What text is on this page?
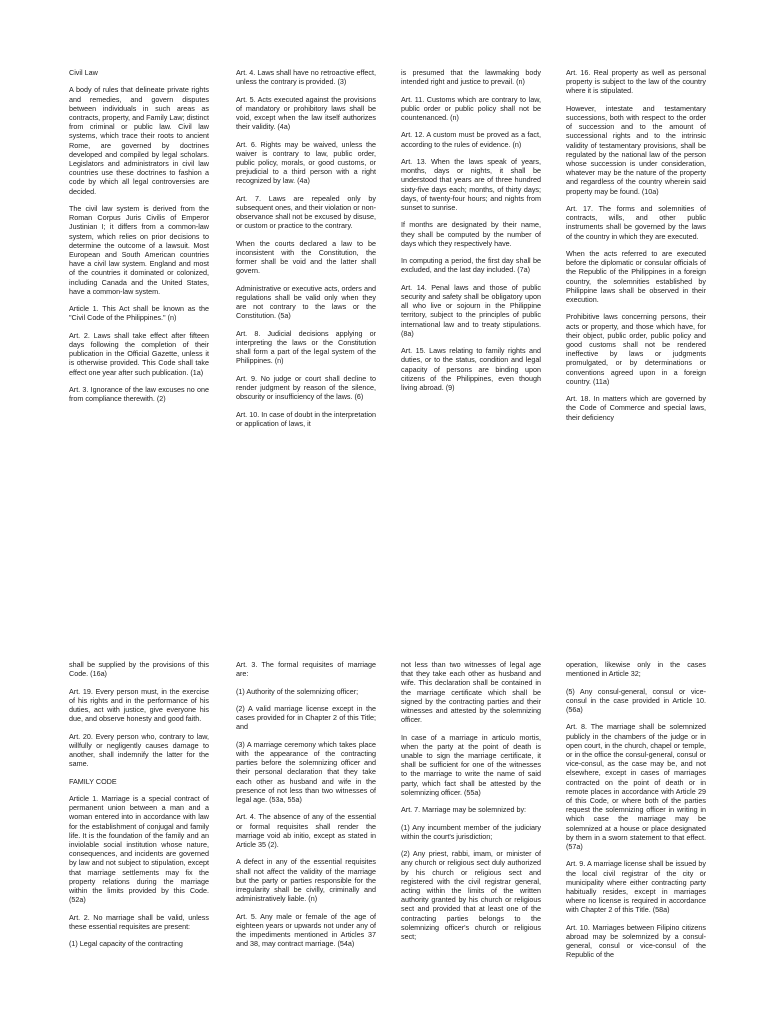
Civil Law

A body of rules that delineate private rights and remedies, and govern disputes between individuals in such areas as contracts, property, and Family Law; distinct from criminal or public law. Civil law systems, which trace their roots to ancient Rome, are governed by doctrines developed and compiled by legal scholars. Legislators and administrators in civil law countries use these doctrines to fashion a code by which all legal controversies are decided.

The civil law system is derived from the Roman Corpus Juris Civilis of Emperor Justinian I; it differs from a common-law system, which relies on prior decisions to determine the outcome of a lawsuit. Most European and South American countries have a civil law system. England and most of the countries it dominated or colonized, including Canada and the United States, have a common-law system.

Article 1. This Act shall be known as the "Civil Code of the Philippines." (n)

Art. 2. Laws shall take effect after fifteen days following the completion of their publication in the Official Gazette, unless it is otherwise provided. This Code shall take effect one year after such publication. (1a)

Art. 3. Ignorance of the law excuses no one from compliance therewith. (2)

Art. 4. Laws shall have no retroactive effect, unless the contrary is provided. (3)

Art. 5. Acts executed against the provisions of mandatory or prohibitory laws shall be void, except when the law itself authorizes their validity. (4a)

Art. 6. Rights may be waived, unless the waiver is contrary to law, public order, public policy, morals, or good customs, or prejudicial to a third person with a right recognized by law. (4a)

Art. 7. Laws are repealed only by subsequent ones, and their violation or non-observance shall not be excused by disuse, or custom or practice to the contrary.

When the courts declared a law to be inconsistent with the Constitution, the former shall be void and the latter shall govern.

Administrative or executive acts, orders and regulations shall be valid only when they are not contrary to the laws or the Constitution. (5a)

Art. 8. Judicial decisions applying or interpreting the laws or the Constitution shall form a part of the legal system of the Philippines. (n)

Art. 9. No judge or court shall decline to render judgment by reason of the silence, obscurity or insufficiency of the laws. (6)

Art. 10. In case of doubt in the interpretation or application of laws, it

is presumed that the lawmaking body intended right and justice to prevail. (n)

Art. 11. Customs which are contrary to law, public order or public policy shall not be countenanced. (n)

Art. 12. A custom must be proved as a fact, according to the rules of evidence. (n)

Art. 13. When the laws speak of years, months, days or nights, it shall be understood that years are of three hundred sixty-five days each; months, of thirty days; days, of twenty-four hours; and nights from sunset to sunrise.

If months are designated by their name, they shall be computed by the number of days which they respectively have.

In computing a period, the first day shall be excluded, and the last day included. (7a)

Art. 14. Penal laws and those of public security and safety shall be obligatory upon all who live or sojourn in the Philippine territory, subject to the principles of public international law and to treaty stipulations. (8a)

Art. 15. Laws relating to family rights and duties, or to the status, condition and legal capacity of persons are binding upon citizens of the Philippines, even though living abroad. (9)

Art. 16. Real property as well as personal property is subject to the law of the country where it is stipulated.

However, intestate and testamentary successions, both with respect to the order of succession and to the amount of successional rights and to the intrinsic validity of testamentary provisions, shall be regulated by the national law of the person whose succession is under consideration, whatever may be the nature of the property and regardless of the country wherein said property may be found. (10a)

Art. 17. The forms and solemnities of contracts, wills, and other public instruments shall be governed by the laws of the country in which they are executed.

When the acts referred to are executed before the diplomatic or consular officials of the Republic of the Philippines in a foreign country, the solemnities established by Philippine laws shall be observed in their execution.

Prohibitive laws concerning persons, their acts or property, and those which have, for their object, public order, public policy and good customs shall not be rendered ineffective by laws or judgments promulgated, or by determinations or conventions agreed upon in a foreign country. (11a)

Art. 18. In matters which are governed by the Code of Commerce and special laws, their deficiency

shall be supplied by the provisions of this Code. (16a)

Art. 19. Every person must, in the exercise of his rights and in the performance of his duties, act with justice, give everyone his due, and observe honesty and good faith.

Art. 20. Every person who, contrary to law, willfully or negligently causes damage to another, shall indemnify the latter for the same.

FAMILY CODE

Article 1. Marriage is a special contract of permanent union between a man and a woman entered into in accordance with law for the establishment of conjugal and family life. It is the foundation of the family and an inviolable social institution whose nature, consequences, and incidents are governed by law and not subject to stipulation, except that marriage settlements may fix the property relations during the marriage within the limits provided by this Code. (52a)

Art. 2. No marriage shall be valid, unless these essential requisites are present:

(1) Legal capacity of the contracting

Art. 3. The formal requisites of marriage are:

(1) Authority of the solemnizing officer;

(2) A valid marriage license except in the cases provided for in Chapter 2 of this Title; and

(3) A marriage ceremony which takes place with the appearance of the contracting parties before the solemnizing officer and their personal declaration that they take each other as husband and wife in the presence of not less than two witnesses of legal age. (53a, 55a)

Art. 4. The absence of any of the essential or formal requisites shall render the marriage void ab initio, except as stated in Article 35 (2).

A defect in any of the essential requisites shall not affect the validity of the marriage but the party or parties responsible for the irregularity shall be civilly, criminally and administratively liable. (n)

Art. 5. Any male or female of the age of eighteen years or upwards not under any of the impediments mentioned in Articles 37 and 38, may contract marriage. (54a)

not less than two witnesses of legal age that they take each other as husband and wife. This declaration shall be contained in the marriage certificate which shall be signed by the contracting parties and their witnesses and attested by the solemnizing officer.

In case of a marriage in articulo mortis, when the party at the point of death is unable to sign the marriage certificate, it shall be sufficient for one of the witnesses to the marriage to write the name of said party, which fact shall be attested by the solemnizing officer. (55a)

Art. 7. Marriage may be solemnized by:

(1) Any incumbent member of the judiciary within the court's jurisdiction;

(2) Any priest, rabbi, imam, or minister of any church or religious sect duly authorized by his church or religious sect and registered with the civil registrar general, acting within the limits of the written authority granted by his church or religious sect and provided that at least one of the contracting parties belongs to the solemnizing officer's church or religious sect;

operation, likewise only in the cases mentioned in Article 32;

(5) Any consul-general, consul or vice-consul in the case provided in Article 10. (56a)

Art. 8. The marriage shall be solemnized publicly in the chambers of the judge or in open court, in the church, chapel or temple, or in the office the consul-general, consul or vice-consul, as the case may be, and not elsewhere, except in cases of marriages contracted on the point of death or in remote places in accordance with Article 29 of this Code, or where both of the parties request the solemnizing officer in writing in which case the marriage may be solemnized at a house or place designated by them in a sworn statement to that effect. (57a)

Art. 9. A marriage license shall be issued by the local civil registrar of the city or municipality where either contracting party habitually resides, except in marriages where no license is required in accordance with Chapter 2 of this Title. (58a)

Art. 10. Marriages between Filipino citizens abroad may be solemnized by a consul-general, consul or vice-consul of the Republic of the
